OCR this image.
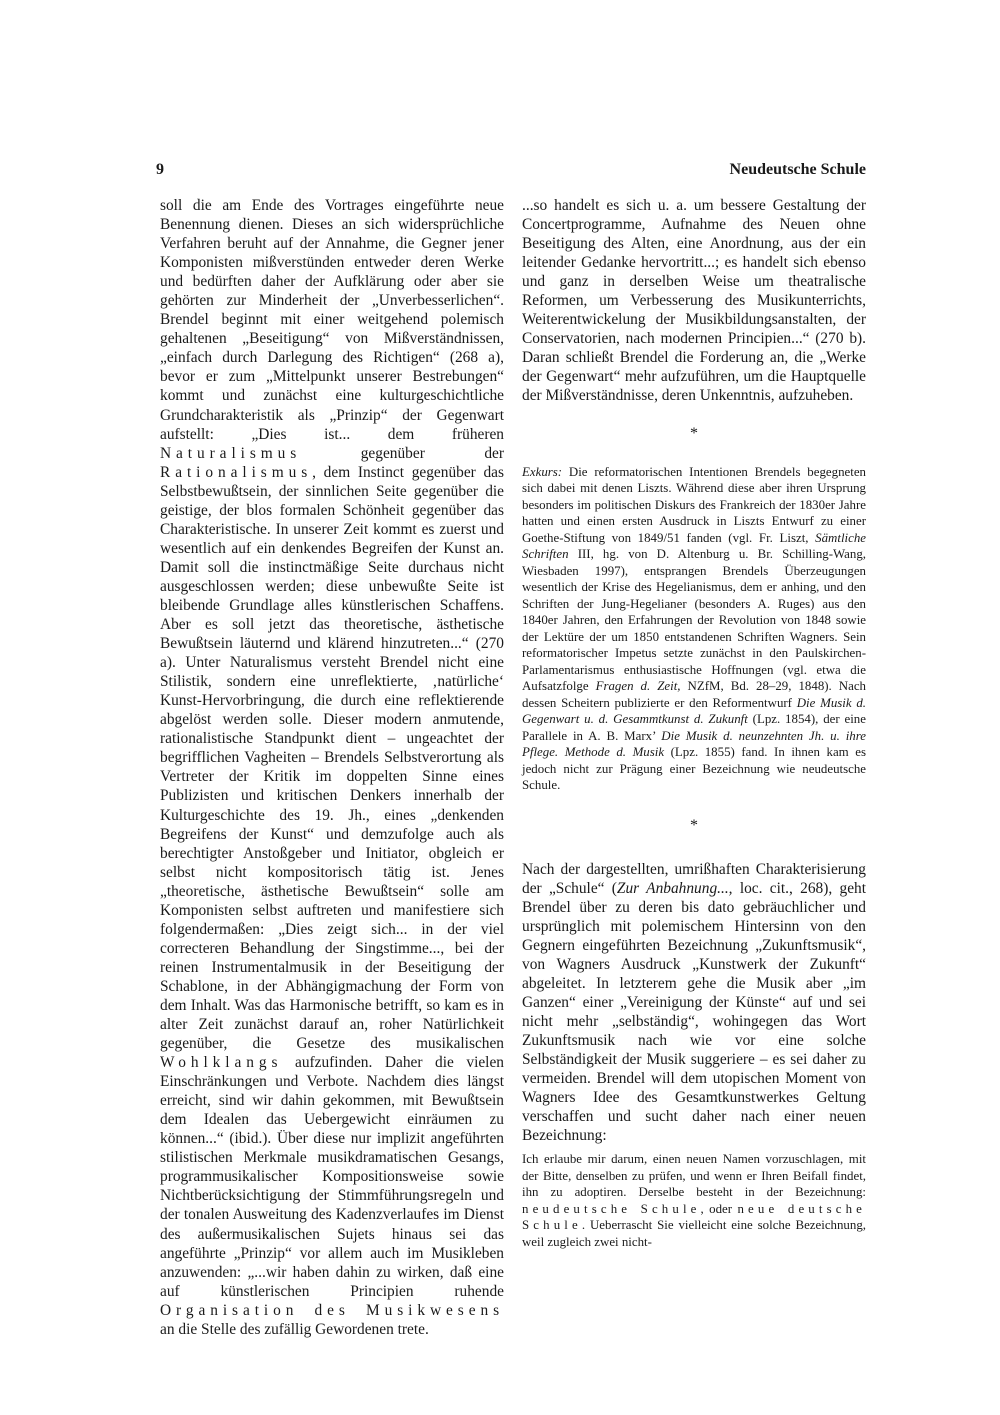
9	Neudeutsche Schule

soll die am Ende des Vortrages eingeführte neue Benennung dienen. Dieses an sich widersprüchliche Verfahren beruht auf der Annahme, die Gegner jener Komponisten mißverstünden entweder deren Werke und bedürften daher der Aufklärung oder aber sie gehörten zur Minderheit der „Unverbesserlichen“. Brendel beginnt mit einer weitgehend polemisch gehaltenen „Beseitigung“ von Mißverständnissen, „einfach durch Darlegung des Richtigen“ (268 a), bevor er zum „Mittelpunkt unserer Bestrebungen“ kommt und zunächst eine kulturgeschichtliche Grundcharakteristik als „Prinzip“ der Gegenwart aufstellt: „Dies ist... dem früheren Naturalismus gegenüber der Rationalismus, dem Instinct gegenüber das Selbstbewußtsein, der sinnlichen Seite gegenüber die geistige, der blos formalen Schönheit gegenüber das Charakteristische. In unserer Zeit kommt es zuerst und wesentlich auf ein denkendes Begreifen der Kunst an. Damit soll die instinctmäßige Seite durchaus nicht ausgeschlossen werden; diese unbewußte Seite ist bleibende Grundlage alles künstlerischen Schaffens. Aber es soll jetzt das theoretische, ästhetische Bewußtsein läuternd und klärend hinzutreten...“ (270 a). Unter Naturalismus versteht Brendel nicht eine Stilistik, sondern eine unreflektierte, ‚natürliche‘ Kunst-Hervorbringung, die durch eine reflektierende abgelöst werden solle. Dieser modern anmutende, rationalistische Standpunkt dient – ungeachtet der begrifflichen Vagheiten – Brendels Selbstverortung als Vertreter der Kritik im doppelten Sinne eines Publizisten und kritischen Denkers innerhalb der Kulturgeschichte des 19. Jh., eines „denkenden Begreifens der Kunst“ und demzufolge auch als berechtigter Anstoßgeber und Initiator, obgleich er selbst nicht kompositorisch tätig ist. Jenes „theoretische, ästhetische Bewußtsein“ solle am Komponisten selbst auftreten und manifestiere sich folgendermaßen: „Dies zeigt sich... in der viel correcteren Behandlung der Singstimme..., bei der reinen Instrumentalmusik in der Beseitigung der Schablone, in der Abhängigmachung der Form von dem Inhalt. Was das Harmonische betrifft, so kam es in alter Zeit zunächst darauf an, roher Natürlichkeit gegenüber, die Gesetze des musikalischen Wohlklangs aufzufinden. Daher die vielen Einschränkungen und Verbote. Nachdem dies längst erreicht, sind wir dahin gekommen, mit Bewußtsein dem Idealen das Uebergewicht einräumen zu können...“ (ibid.). Über diese nur implizit angeführten stilistischen Merkmale musikdramatischen Gesangs, programmusikalischer Kompositionsweise sowie Nichtberücksichtigung der Stimmführungsregeln und der tonalen Ausweitung des Kadenzverlaufes im Dienst des außermusikalischen Sujets hinaus sei das angeführte „Prinzip“ vor allem auch im Musikleben anzuwenden: „...wir haben dahin zu wirken, daß eine auf künstlerischen Principien ruhende Organisation des Musikwesens an die Stelle des zufällig Gewordenen trete.

...so handelt es sich u. a. um bessere Gestaltung der Concertprogramme, Aufnahme des Neuen ohne Beseitigung des Alten, eine Anordnung, aus der ein leitender Gedanke hervortritt...; es handelt sich ebenso und ganz in derselben Weise um theatralische Reformen, um Verbesserung des Musikunterrichts, Weiterentwickelung der Musikbildungsanstalten, der Conservatorien, nach modernen Principien...“ (270 b). Daran schließt Brendel die Forderung an, die „Werke der Gegenwart“ mehr aufzuführen, um die Hauptquelle der Mißverständnisse, deren Unkenntnis, aufzuheben.

*

Exkurs: Die reformatorischen Intentionen Brendels begegneten sich dabei mit denen Liszts. Während diese aber ihren Ursprung besonders im politischen Diskurs des Frankreich der 1830er Jahre hatten und einen ersten Ausdruck in Liszts Entwurf zu einer Goethe-Stiftung von 1849/51 fanden (vgl. Fr. Liszt, Sämtliche Schriften III, hg. von D. Altenburg u. Br. Schilling-Wang, Wiesbaden 1997), entsprangen Brendels Überzeugungen wesentlich der Krise des Hegelianismus, dem er anhing, und den Schriften der Jung-Hegelianer (besonders A. Ruges) aus den 1840er Jahren, den Erfahrungen der Revolution von 1848 sowie der Lektüre der um 1850 entstandenen Schriften Wagners. Sein reformatorischer Impetus setzte zunächst in den Paulskirchen-Parlamentarismus enthusiastische Hoffnungen (vgl. etwa die Aufsatzfolge Fragen d. Zeit, NZfM, Bd. 28–29, 1848). Nach dessen Scheitern publizierte er den Reformentwurf Die Musik d. Gegenwart u. d. Gesammtkunst d. Zukunft (Lpz. 1854), der eine Parallele in A. B. Marx’ Die Musik d. neunzehnten Jh. u. ihre Pflege. Methode d. Musik (Lpz. 1855) fand. In ihnen kam es jedoch nicht zur Prägung einer Bezeichnung wie neudeutsche Schule.

*

Nach der dargestellten, umrißhaften Charakterisierung der „Schule“ (Zur Anbahnung..., loc. cit., 268), geht Brendel über zu deren bis dato gebräuchlicher und ursprünglich mit polemischem Hintersinn von den Gegnern eingeführten Bezeichnung „Zukunftsmusik“, von Wagners Ausdruck „Kunstwerk der Zukunft“ abgeleitet. In letzterem gehe die Musik aber „im Ganzen“ einer „Vereinigung der Künste“ auf und sei nicht mehr „selbständig“, wohingegen das Wort Zukunftsmusik nach wie vor eine solche Selbständigkeit der Musik suggeriere – es sei daher zu vermeiden. Brendel will dem utopischen Moment von Wagners Idee des Gesamtkunstwerkes Geltung verschaffen und sucht daher nach einer neuen Bezeichnung:

Ich erlaube mir darum, einen neuen Namen vorzuschlagen, mit der Bitte, denselben zu prüfen, und wenn er Ihren Beifall findet, ihn zu adoptiren. Derselbe besteht in der Bezeichnung: neudeutsche Schule, oder neue deutsche Schule. Ueberrascht Sie vielleicht eine solche Bezeichnung, weil zugleich zwei nicht-
